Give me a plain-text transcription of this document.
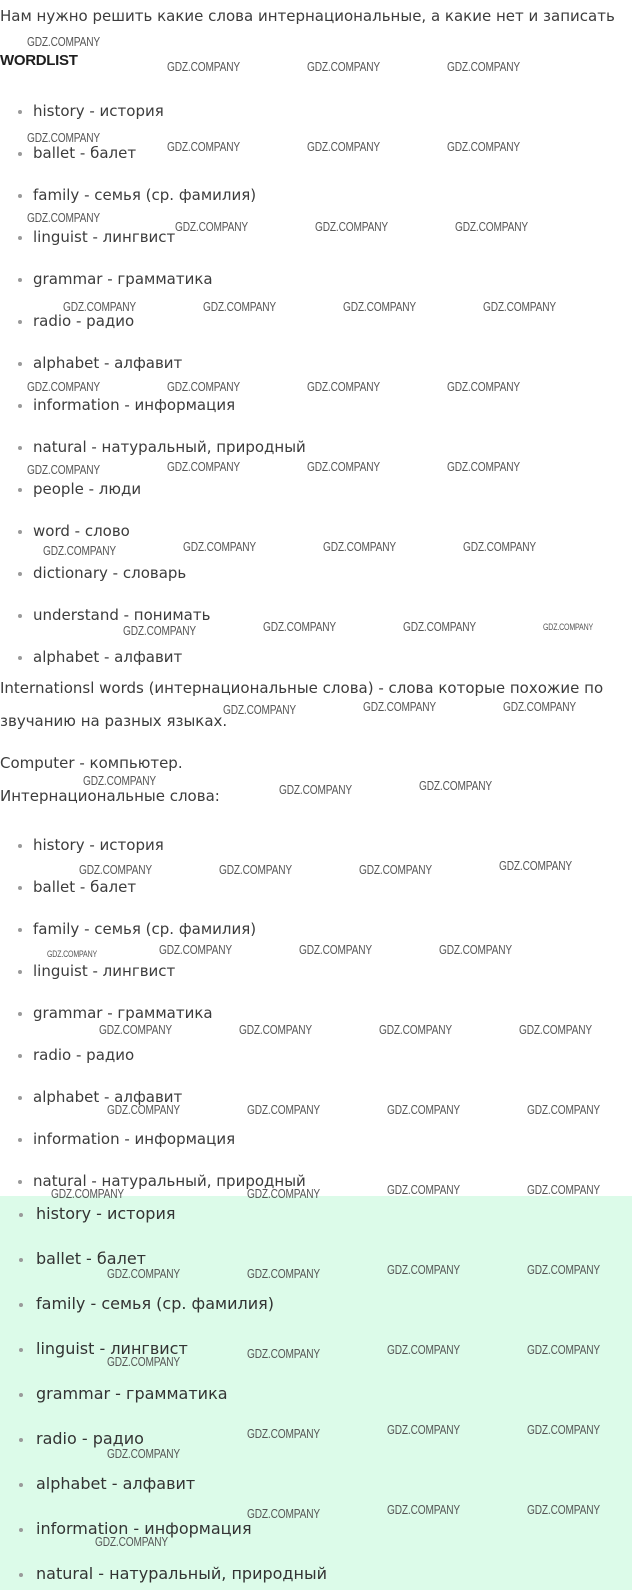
Нам нужно решить какие слова интернациональные, а какие нет и записать

WORDLIST
history - история
ballet - балет
family - семья (ср. фамилия)
linguist - лингвист
grammar - грамматика
radio - радио
alphabet - алфавит
information - информация
natural - натуральный, природный
people - люди
word - слово
dictionary - словарь
understand - понимать
alphabet - алфавит

Internationsl words (интернациональные слова) - слова которые похожие по

звучанию на разных языках.

Computer - компьютер.

Интернациональные слова:

history - история
ballet - балет
family - семья (ср. фамилия)
linguist - лингвист
grammar - грамматика
radio - радио
alphabet - алфавит
information - информация
natural - натуральный, природный
history - история
ballet - балет
family - семья (ср. фамилия)
linguist - лингвист
grammar - грамматика
radio - радио
alphabet - алфавит
information - информация
natural - натуральный, природный
GDZ.COMPANY
GDZ.COMPANY	GDZ.COMPANY	GDZ.COMPANY
GDZ.COMPANY
GDZ.COMPANY	GDZ.COMPANY	GDZ.COMPANY
GDZ.COMPANY
GDZ.COMPANY	GDZ.COMPANY	GDZ.COMPANY
GDZ.COMPANY	GDZ.COMPANY	GDZ.COMPANY	GDZ.COMPANY
GDZ.COMPANY	GDZ.COMPANY	GDZ.COMPANY	GDZ.COMPANY
GDZ.COMPANY	GDZ.COMPANY	GDZ.COMPANY	GDZ.COMPANY
GDZ.COMPANY	GDZ.COMPANY	GDZ.COMPANY	GDZ.COMPANY
GDZ.COMPANY	GDZ.COMPANY	GDZ.COMPANY	GDZ.COMPANY
GDZ.COMPANY	GDZ.COMPANY	GDZ.COMPANY
GDZ.COMPANY
GDZ.COMPANY	GDZ.COMPANY
GDZ.COMPANY	GDZ.COMPANY	GDZ.COMPANY	GDZ.COMPANY
GDZ.COMPANY	GDZ.COMPANY	GDZ.COMPANY	GDZ.COMPANY
GDZ.COMPANY	GDZ.COMPANY	GDZ.COMPANY	GDZ.COMPANY
GDZ.COMPANY	GDZ.COMPANY	GDZ.COMPANY	GDZ.COMPANY
GDZ.COMPANY	GDZ.COMPANY	GDZ.COMPANY	GDZ.COMPANY
GDZ.COMPANY	GDZ.COMPANY	GDZ.COMPANY	GDZ.COMPANY
GDZ.COMPANY
GDZ.COMPANY	GDZ.COMPANY	GDZ.COMPANY
GDZ.COMPANY
GDZ.COMPANY	GDZ.COMPANY	GDZ.COMPANY
GDZ.COMPANY
GDZ.COMPANY	GDZ.COMPANY	GDZ.COMPANY
